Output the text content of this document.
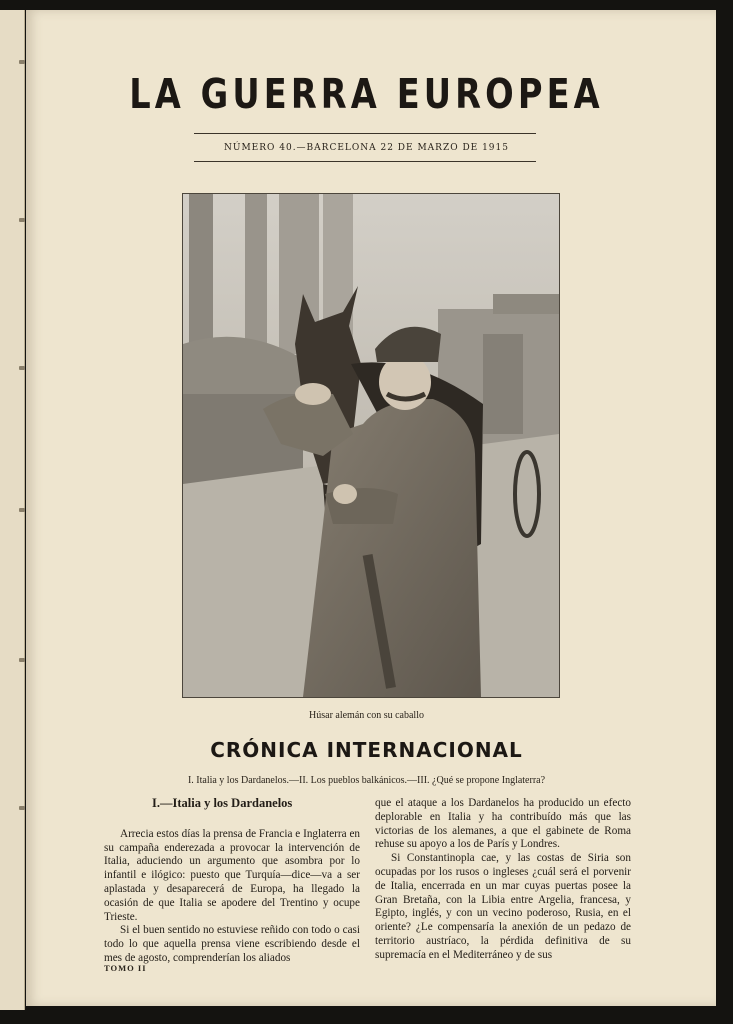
LA GUERRA EUROPEA
NÚMERO 40.—BARCELONA 22 DE MARZO DE 1915
Húsar alemán con su caballo
CRÓNICA INTERNACIONAL
I. Italia y los Dardanelos.—II. Los pueblos balkánicos.—III. ¿Qué se propone Inglaterra?
I.—Italia y los Dardanelos

Arrecia estos días la prensa de Francia e Inglaterra en su campaña enderezada a provocar la intervención de Italia, aduciendo un argumento que asombra por lo infantil e ilógico: puesto que Turquía—dice—va a ser aplastada y desaparecerá de Europa, ha llegado la ocasión de que Italia se apodere del Trentino y ocupe Trieste.

Si el buen sentido no estuviese reñido con todo o casi todo lo que aquella prensa viene escribiendo desde el mes de agosto, comprenderían los aliados

que el ataque a los Dardanelos ha producido un efecto deplorable en Italia y ha contribuído más que las victorias de los alemanes, a que el gabinete de Roma rehuse su apoyo a los de París y Londres.

Si Constantinopla cae, y las costas de Siria son ocupadas por los rusos o ingleses ¿cuál será el porvenir de Italia, encerrada en un mar cuyas puertas posee la Gran Bretaña, con la Libia entre Argelia, francesa, y Egipto, inglés, y con un vecino poderoso, Rusia, en el oriente? ¿Le compensaría la anexión de un pedazo de territorio austríaco, la pérdida definitiva de su supremacía en el Mediterráneo y de sus

TOMO II
